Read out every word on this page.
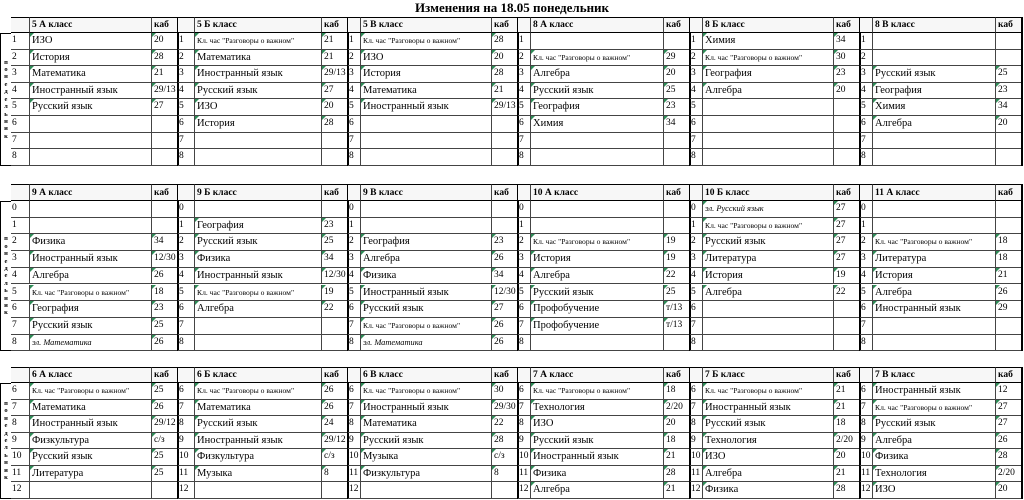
Изменения на 18.05 понедельник
п
о
н
е
д
е
л
ь
н
и
к
5 А класс	каб
1	ИЗО	20
2	История	28
3	Математика	21
4	Иностранный язык	29/13
5	Русский язык	27
6
7
8
5 Б класс	каб
1	Кл. час "Разговоры о важном"	21
2	Математика	21
3	Иностранный язык	29/13
4	Русский язык	27
5	ИЗО	20
6	История	28
7
8
5 В класс	каб
1	Кл. час "Разговоры о важном"	28
2 ИЗО	20
3 История	28
4 Математика	21
5 Иностранный язык	29/13
6
7
8
8 А класс	каб
1
2	Кл. час "Разговоры о важном"	29
3 Алгебра	20
4 Русский язык	25
5 География	23
6 Химия	34
7
8
8 Б класс	каб
1 Химия	34
2	Кл. час "Разговоры о важном"	30
3 География	23
4 Алгебра	20
5
6
7
8
8 В класс	каб
1
2
3 Русский язык	25
4 География	23
5 Химия	34
6 Алгебра	20
7
8
п
о
н
е
д
е
л
ь
н
и
к
9 А класс	каб
0
1
2	Физика	34
3	Иностранный язык	12/30
4	Алгебра	26
5	Кл. час "Разговоры о важном"	18
6	География	23
7	Русский язык	25
8	эл. Математика	26
9 Б класс	каб
0
1	География	23
2	Русский язык	25
3	Физика	34
4	Иностранный язык	12/30
5	Кл. час "Разговоры о важном"	19
6	Алгебра	22
7
8
9 В класс	каб
0
1
2 География	23
3 Алгебра	26
4 Физика	34
5 Иностранный язык	12/30
6 Русский язык	27
7	Кл. час "Разговоры о важном"	26
8	эл. Математика	26
10 А класс	каб
0
1
2	Кл. час "Разговоры о важном"	19
3 История	19
4 Алгебра	22
5 Русский язык	25
6 Профобучение	т/13
7 Профобучение	т/13
8
10 Б класс	каб
0	эл. Русский язык	27
1	Кл. час "Разговоры о важном"	27
2 Русский язык	27
3 Литература	27
4 История	19
5 Алгебра	22
6
7
8
11 А класс	каб
0
1
2	Кл. час "Разговоры о важном"	18
3 Литература	18
4 История	21
5 Алгебра	26
6 Иностранный язык	29
7
8
п
о
н
е
д
е
л
ь
н
и
к
6 А класс	каб
6	Кл. час "Разговоры о важном"	25
7	Математика	26
8	Иностранный язык	29/12
9	Физкультура	с/з
10	Русский язык	25
11	Литература	25
12
6 Б класс	каб
6	Кл. час "Разговоры о важном"	26
7	Математика	26
8	Русский язык	24
9	Иностранный язык	29/12
10 Физкультура	с/з
11 Музыка	8
12
6 В класс	каб
6	Кл. час "Разговоры о важном"	30
7 Иностранный язык	29/30
8 Математика	22
9 Русский язык	28
10 Музыка	с/з
11 Физкультура	8
12
7 А класс	каб
6	Кл. час "Разговоры о важном"	18
7 Технология	2/20
8 ИЗО	20
9 Русский язык	18
10 Иностранный язык	21
11 Физика	28
12 Алгебра	21
7 Б класс	каб
6	Кл. час "Разговоры о важном"	21
7 Иностранный язык	21
8 Русский язык	18
9 Технология	2/20
10 ИЗО	20
11 Алгебра	21
12 Физика	28
7 В класс	каб
6 Иностранный язык	12
7	Кл. час "Разговоры о важном"	27
8 Русский язык	27
9 Алгебра	26
10 Физика	28
11 Технология	2/20
12 ИЗО	20
